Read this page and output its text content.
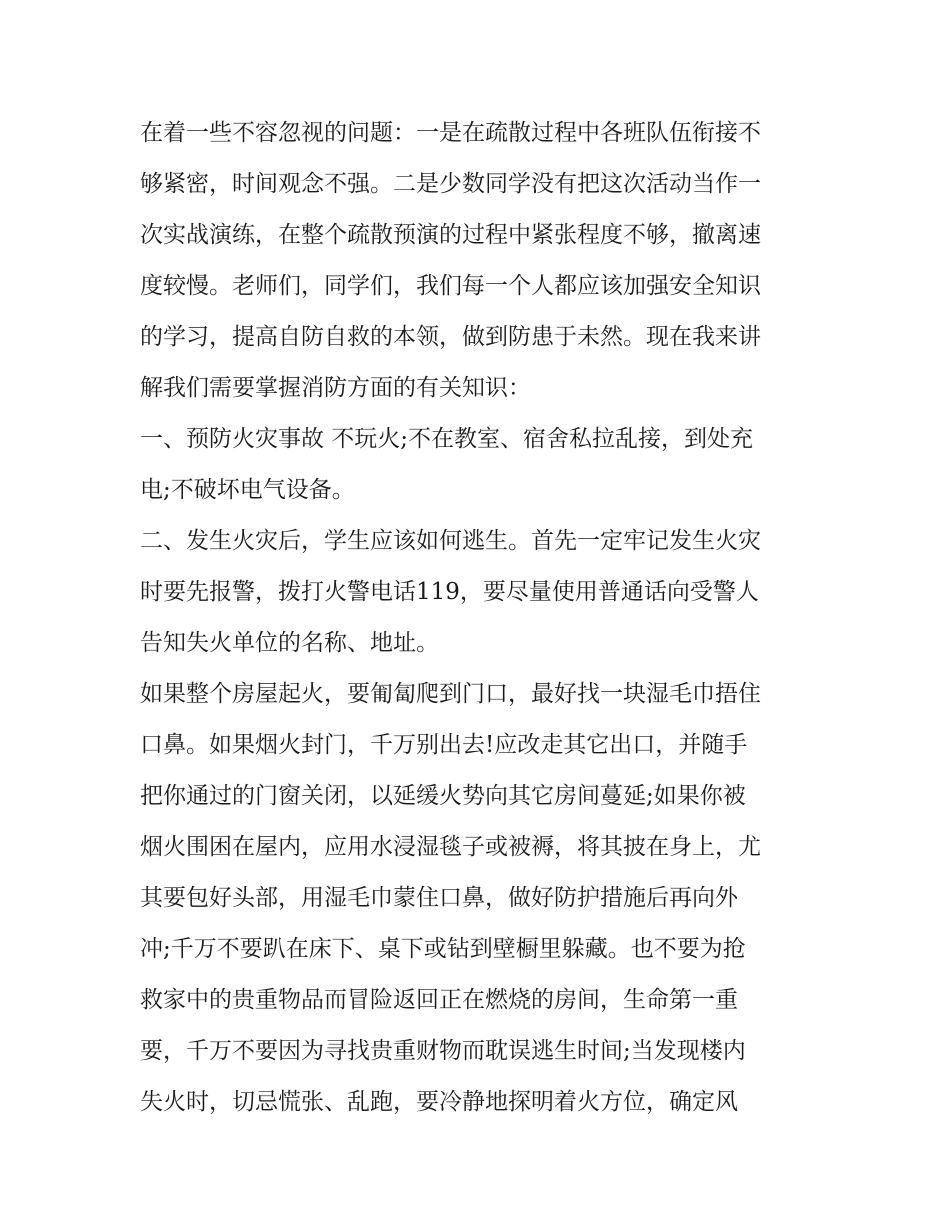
在着一些不容忽视的问题：一是在疏散过程中各班队伍衔接不
够紧密，时间观念不强。二是少数同学没有把这次活动当作一
次实战演练，在整个疏散预演的过程中紧张程度不够，撤离速
度较慢。老师们，同学们，我们每一个人都应该加强安全知识
的学习，提高自防自救的本领，做到防患于未然。现在我来讲
解我们需要掌握消防方面的有关知识：
一、预防火灾事故 不玩火;不在教室、宿舍私拉乱接，到处充
电;不破坏电气设备。
二、发生火灾后，学生应该如何逃生。首先一定牢记发生火灾
时要先报警，拨打火警电话119，要尽量使用普通话向受警人
告知失火单位的名称、地址。
如果整个房屋起火，要匍匐爬到门口，最好找一块湿毛巾捂住
口鼻。如果烟火封门，千万别出去!应改走其它出口，并随手
把你通过的门窗关闭，以延缓火势向其它房间蔓延;如果你被
烟火围困在屋内，应用水浸湿毯子或被褥，将其披在身上，尤
其要包好头部，用湿毛巾蒙住口鼻，做好防护措施后再向外
冲;千万不要趴在床下、桌下或钻到壁橱里躲藏。也不要为抢
救家中的贵重物品而冒险返回正在燃烧的房间，生命第一重
要，千万不要因为寻找贵重财物而耽误逃生时间;当发现楼内
失火时，切忌慌张、乱跑，要冷静地探明着火方位，确定风
